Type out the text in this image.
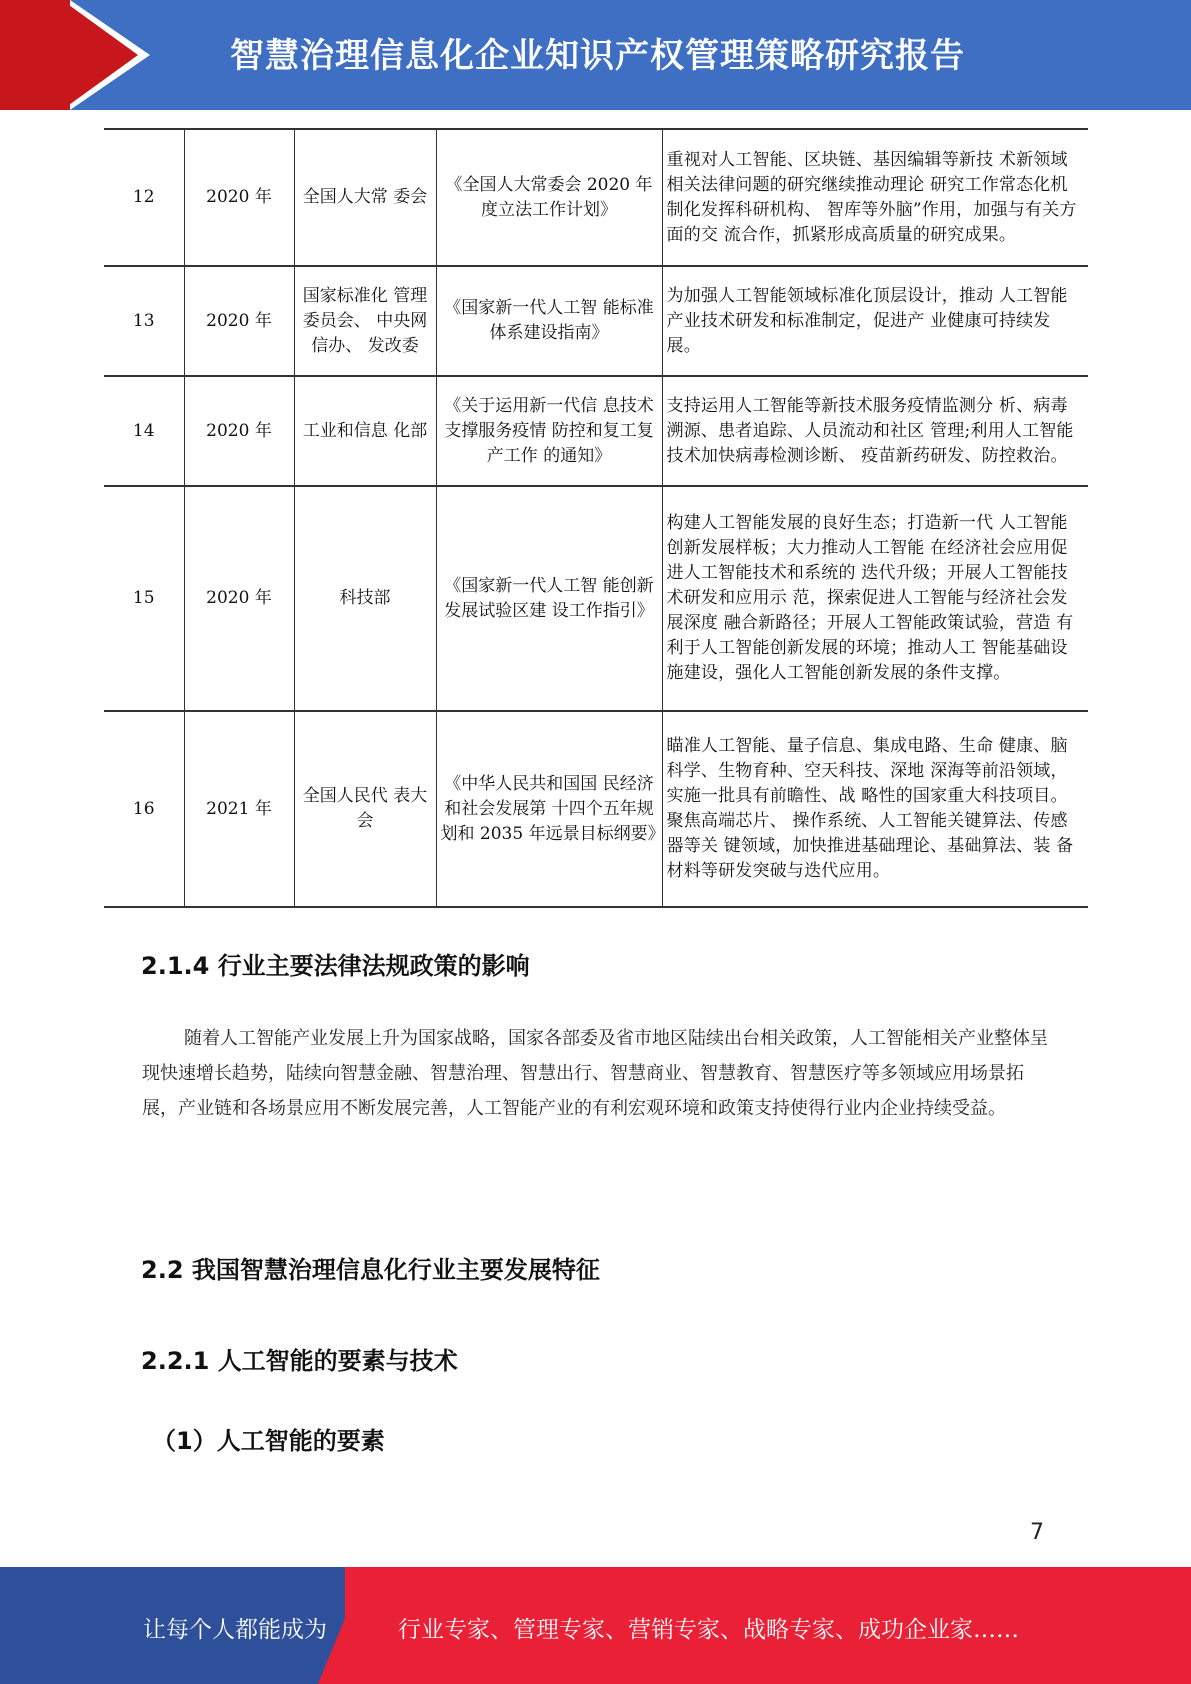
智慧治理信息化企业知识产权管理策略研究报告
12	2020 年	全国人大常 委会	《全国人大常委会 2020 年度立法工作计划》	重视对人工智能、区块链、基因编辑等新技 术新领域相关法律问题的研究继续推动理论 研究工作常态化机制化发挥科研机构、 智库等外脑”作用，加强与有关方面的交 流合作，抓紧形成高质量的研究成果。
13	2020 年	国家标准化 管理委员会、 中央网信办、 发改委	《国家新一代人工智 能标准体系建设指南》	为加强人工智能领域标准化顶层设计，推动 人工智能产业技术研发和标准制定，促进产 业健康可持续发展。
14	2020 年	工业和信息 化部	《关于运用新一代信 息技术支撑服务疫情 防控和复工复产工作 的通知》	支持运用人工智能等新技术服务疫情监测分 析、病毒溯源、患者追踪、人员流动和社区 管理;利用人工智能技术加快病毒检测诊断、 疫苗新药研发、防控救治。
15	2020 年	科技部	《国家新一代人工智 能创新发展试验区建 设工作指引》	构建人工智能发展的良好生态；打造新一代 人工智能创新发展样板；大力推动人工智能 在经济社会应用促进人工智能技术和系统的 迭代升级；开展人工智能技术研发和应用示 范，探索促进人工智能与经济社会发展深度 融合新路径；开展人工智能政策试验，营造 有利于人工智能创新发展的环境；推动人工 智能基础设施建设，强化人工智能创新发展的条件支撑。
16	2021 年	全国人民代 表大会	《中华人民共和国国 民经济和社会发展第 十四个五年规划和 2035 年远景目标纲要》	瞄准人工智能、量子信息、集成电路、生命 健康、脑科学、生物育种、空天科技、深地 深海等前沿领域，实施一批具有前瞻性、战 略性的国家重大科技项目。聚焦高端芯片、 操作系统、人工智能关键算法、传感器等关 键领域，加快推进基础理论、基础算法、装 备材料等研发突破与迭代应用。
2.1.4 行业主要法律法规政策的影响
随着人工智能产业发展上升为国家战略，国家各部委及省市地区陆续出台相关政策，人工智能相关产业整体呈现快速增长趋势，陆续向智慧金融、智慧治理、智慧出行、智慧商业、智慧教育、智慧医疗等多领域应用场景拓展，产业链和各场景应用不断发展完善，人工智能产业的有利宏观环境和政策支持使得行业内企业持续受益。
2.2 我国智慧治理信息化行业主要发展特征
2.2.1 人工智能的要素与技术
（1）人工智能的要素
7
让每个人都能成为	行业专家、管理专家、营销专家、战略专家、成功企业家……
